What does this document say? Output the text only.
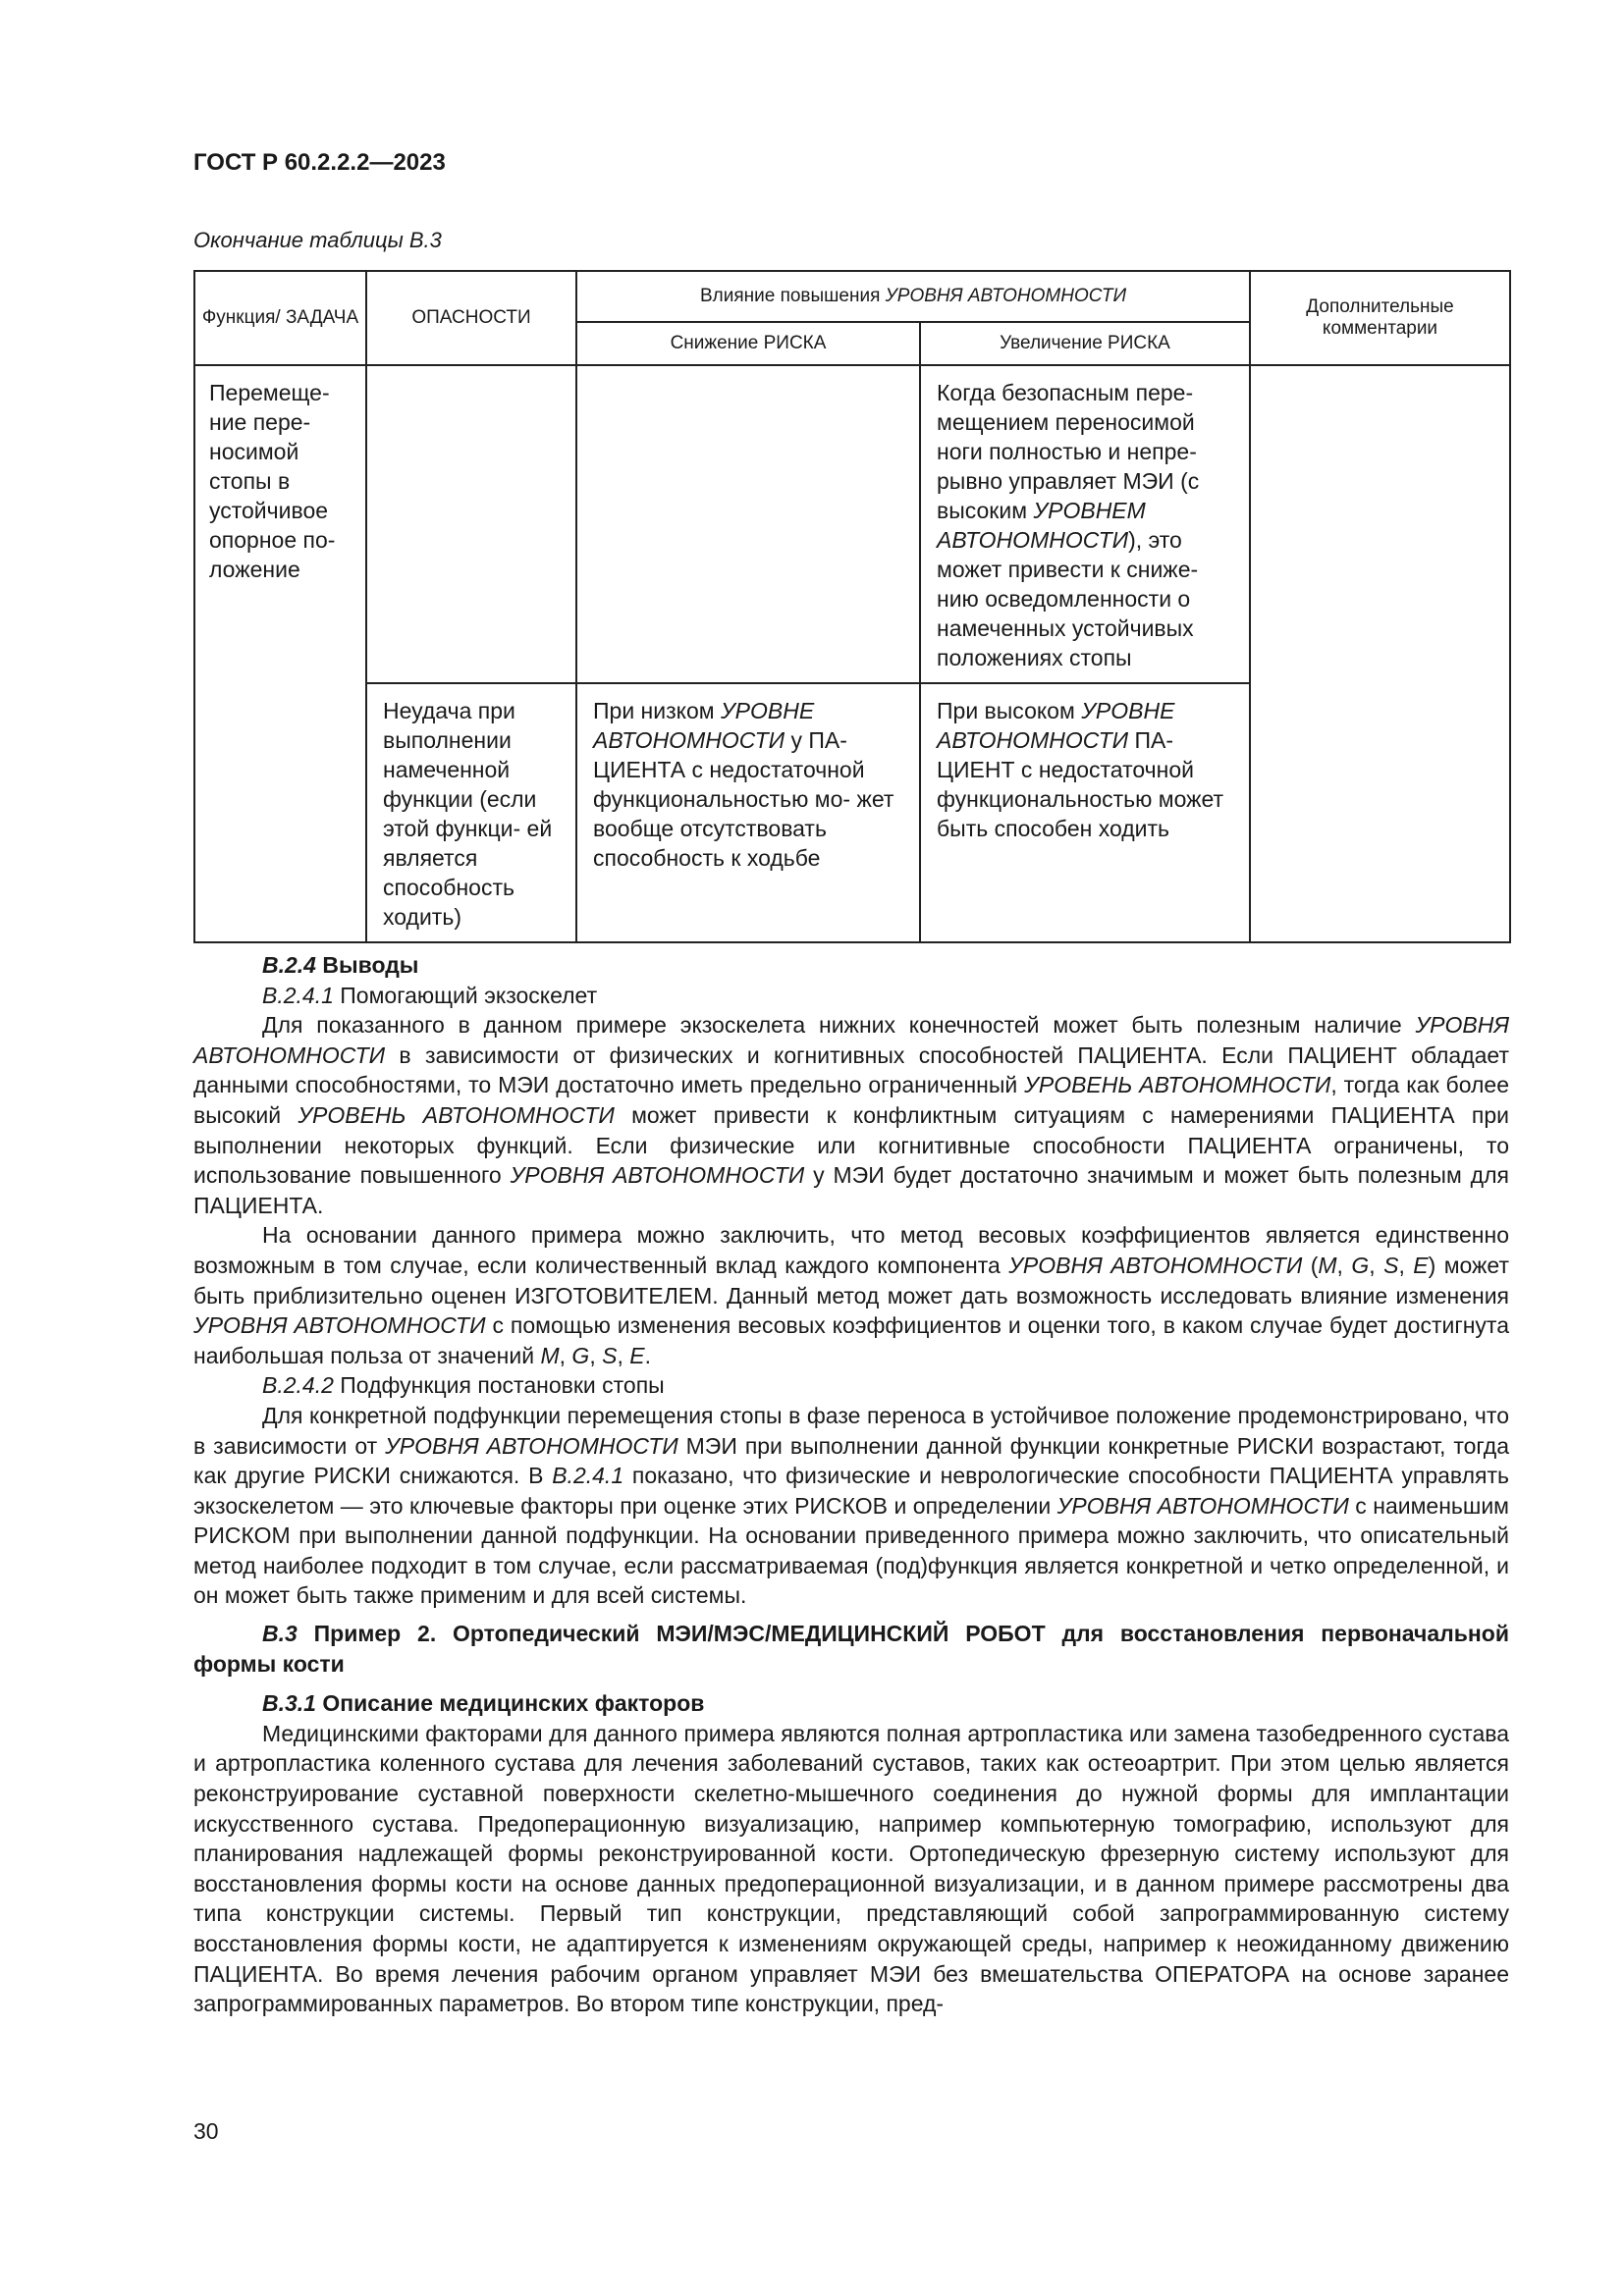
ГОСТ Р 60.2.2.2—2023
Окончание таблицы В.3
Функция/ ЗАДАЧА	ОПАСНОСТИ	Влияние повышения УРОВНЯ АВТОНОМНОСТИ		Дополнительные комментарии
		Снижение РИСКА	Увеличение РИСКА	
Перемеще- ние пере- носимой стопы в устойчивое опорное по- ложение			Когда безопасным пере- мещением переносимой ноги полностью и непре- рывно управляет МЭИ (с высоким УРОВНЕМ АВТОНОМНОСТИ), это может привести к сниже- нию осведомленности о намеченных устойчивых положениях стопы	
	Неудача при выполнении намеченной функции (если этой функци- ей является способность ходить)	При низком УРОВНЕ АВТОНОМНОСТИ у ПА- ЦИЕНТА с недостаточной функциональностью мо- жет вообще отсутствовать способность к ходьбе	При высоком УРОВНЕ АВТОНОМНОСТИ ПА- ЦИЕНТ с недостаточной функциональностью может быть способен ходить	

В.2.4 Выводы

В.2.4.1 Помогающий экзоскелет

Для показанного в данном примере экзоскелета нижних конечностей может быть полезным наличие УРОВНЯ АВТОНОМНОСТИ в зависимости от физических и когнитивных способностей ПАЦИЕНТА. Если ПАЦИЕНТ обладает данными способностями, то МЭИ достаточно иметь предельно ограниченный УРОВЕНЬ АВТОНОМНОСТИ, тогда как более высокий УРОВЕНЬ АВТОНОМНОСТИ может привести к конфликтным ситуациям с намерениями ПАЦИЕНТА при выполнении некоторых функций. Если физические или когнитивные способности ПАЦИЕНТА ограничены, то использование повышенного УРОВНЯ АВТОНОМНОСТИ у МЭИ будет достаточно значимым и может быть полезным для ПАЦИЕНТА.

На основании данного примера можно заключить, что метод весовых коэффициентов является единственно возможным в том случае, если количественный вклад каждого компонента УРОВНЯ АВТОНОМНОСТИ (M, G, S, E) может быть приблизительно оценен ИЗГОТОВИТЕЛЕМ. Данный метод может дать возможность исследовать влияние изменения УРОВНЯ АВТОНОМНОСТИ с помощью изменения весовых коэффициентов и оценки того, в каком случае будет достигнута наибольшая польза от значений M, G, S, E.

В.2.4.2 Подфункция постановки стопы

Для конкретной подфункции перемещения стопы в фазе переноса в устойчивое положение продемонстрировано, что в зависимости от УРОВНЯ АВТОНОМНОСТИ МЭИ при выполнении данной функции конкретные РИСКИ возрастают, тогда как другие РИСКИ снижаются. В В.2.4.1 показано, что физические и неврологические способности ПАЦИЕНТА управлять экзоскелетом — это ключевые факторы при оценке этих РИСКОВ и определении УРОВНЯ АВТОНОМНОСТИ с наименьшим РИСКОМ при выполнении данной подфункции. На основании приведенного примера можно заключить, что описательный метод наиболее подходит в том случае, если рассматриваемая (под)функция является конкретной и четко определенной, и он может быть также применим и для всей системы.

В.3 Пример 2. Ортопедический МЭИ/МЭС/МЕДИЦИНСКИЙ РОБОТ для восстановления первоначальной формы кости

В.3.1 Описание медицинских факторов

Медицинскими факторами для данного примера являются полная артропластика или замена тазобедренного сустава и артропластика коленного сустава для лечения заболеваний суставов, таких как остеоартрит. При этом целью является реконструирование суставной поверхности скелетно-мышечного соединения до нужной формы для имплантации искусственного сустава. Предоперационную визуализацию, например компьютерную томографию, используют для планирования надлежащей формы реконструированной кости. Ортопедическую фрезерную систему используют для восстановления формы кости на основе данных предоперационной визуализации, и в данном примере рассмотрены два типа конструкции системы. Первый тип конструкции, представляющий собой запрограммированную систему восстановления формы кости, не адаптируется к изменениям окружающей среды, например к неожиданному движению ПАЦИЕНТА. Во время лечения рабочим органом управляет МЭИ без вмешательства ОПЕРАТОРА на основе заранее запрограммированных параметров. Во втором типе конструкции, пред-

30
